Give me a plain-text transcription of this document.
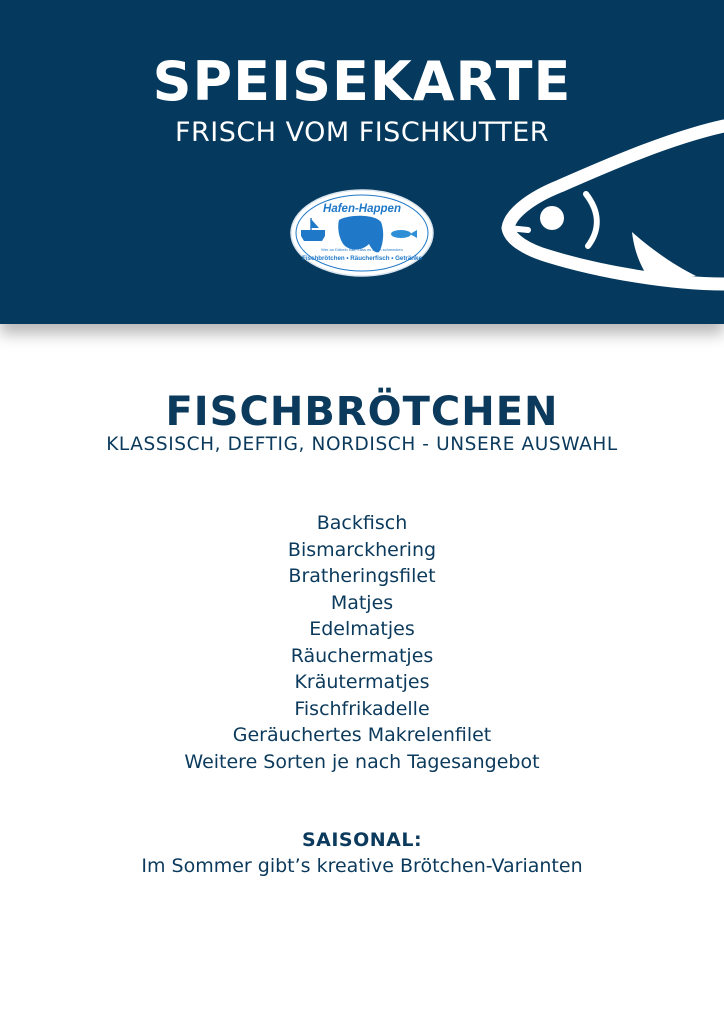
SPEISEKARTE
FRISCH VOM FISCHKUTTER
Hafen-Happen
Wer an Döbeln hält, Lass es Euch schmecken
Fischbrötchen • Räucherfisch • Getränke
FISCHBRÖTCHEN
KLASSISCH, DEFTIG, NORDISCH - UNSERE AUSWAHL
Backfisch
Bismarckhering
Bratheringsfilet
Matjes
Edelmatjes
Räuchermatjes
Kräutermatjes
Fischfrikadelle
Geräuchertes Makrelenfilet
Weitere Sorten je nach Tagesangebot
SAISONAL:
Im Sommer gibt’s kreative Brötchen-Varianten
